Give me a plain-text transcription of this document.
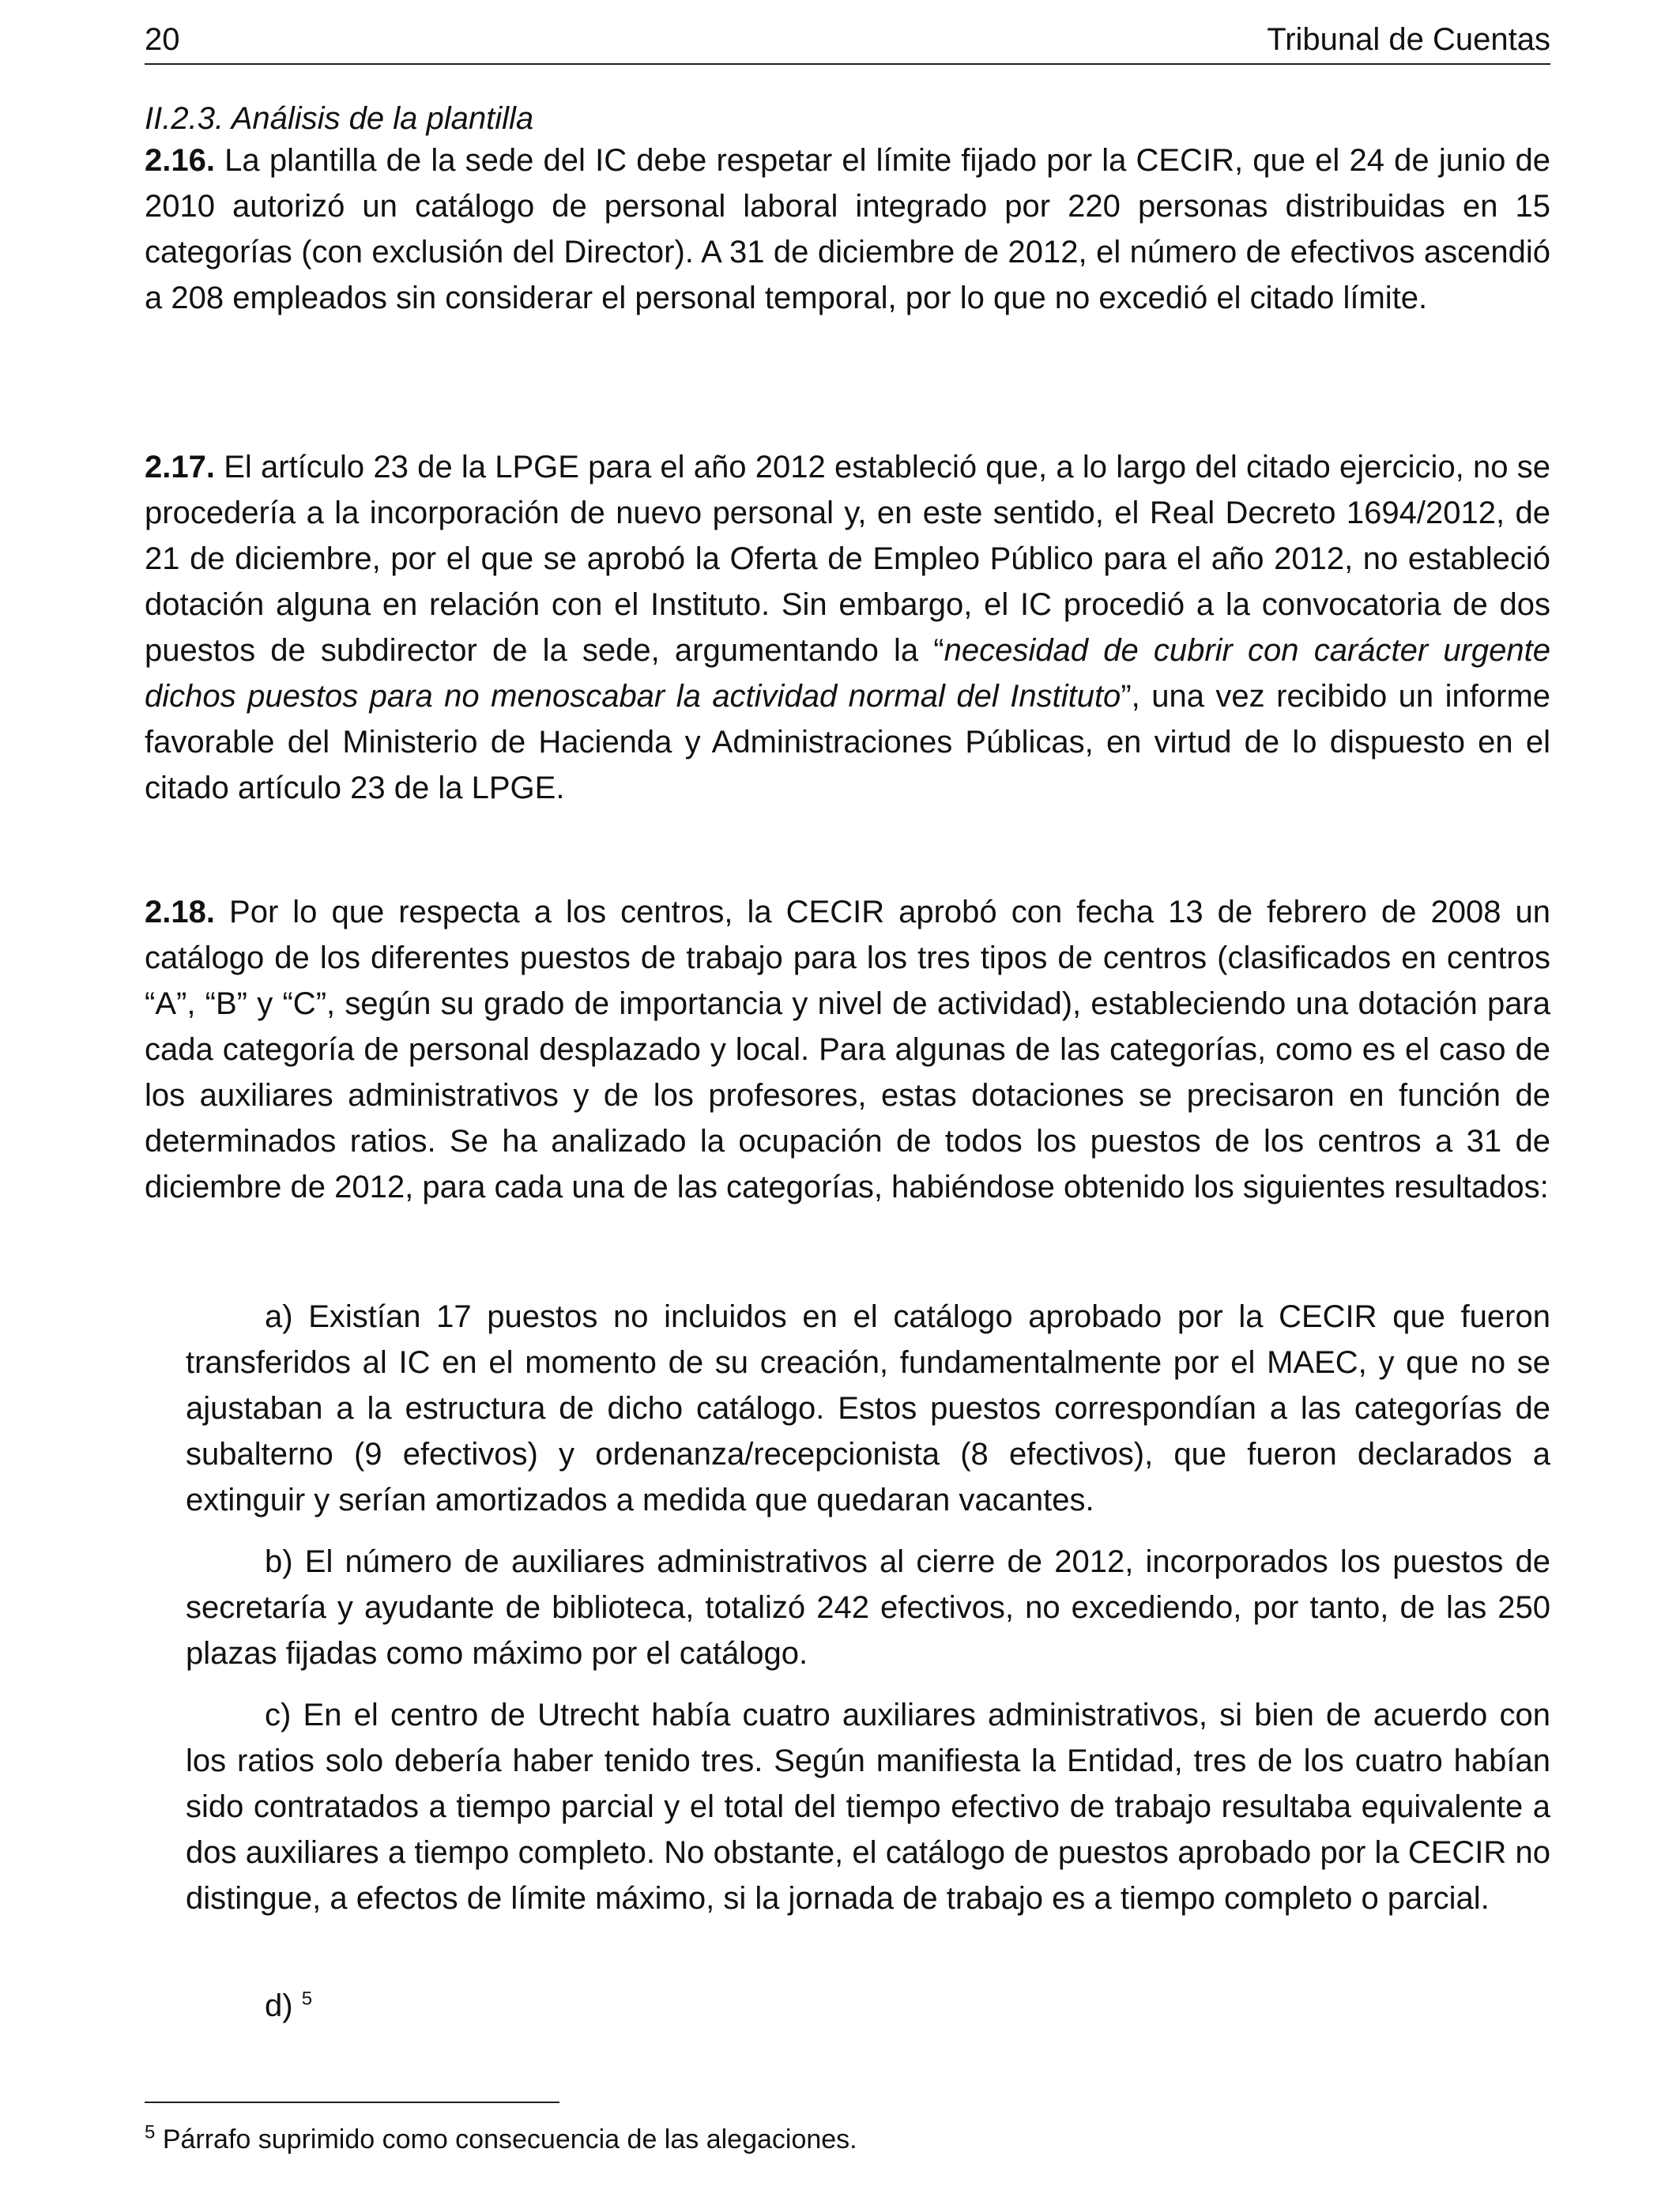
20	Tribunal de Cuentas
II.2.3. Análisis de la plantilla

2.16. La plantilla de la sede del IC debe respetar el límite fijado por la CECIR, que el 24 de junio de 2010 autorizó un catálogo de personal laboral integrado por 220 personas distribuidas en 15 categorías (con exclusión del Director). A 31 de diciembre de 2012, el número de efectivos ascendió a 208 empleados sin considerar el personal temporal, por lo que no excedió el citado límite.

2.17. El artículo 23 de la LPGE para el año 2012 estableció que, a lo largo del citado ejercicio, no se procedería a la incorporación de nuevo personal y, en este sentido, el Real Decreto 1694/2012, de 21 de diciembre, por el que se aprobó la Oferta de Empleo Público para el año 2012, no estableció dotación alguna en relación con el Instituto. Sin embargo, el IC procedió a la convocatoria de dos puestos de subdirector de la sede, argumentando la “necesidad de cubrir con carácter urgente dichos puestos para no menoscabar la actividad normal del Instituto”, una vez recibido un informe favorable del Ministerio de Hacienda y Administraciones Públicas, en virtud de lo dispuesto en el citado artículo 23 de la LPGE.

2.18. Por lo que respecta a los centros, la CECIR aprobó con fecha 13 de febrero de 2008 un catálogo de los diferentes puestos de trabajo para los tres tipos de centros (clasificados en centros “A”, “B” y “C”, según su grado de importancia y nivel de actividad), estableciendo una dotación para cada categoría de personal desplazado y local. Para algunas de las categorías, como es el caso de los auxiliares administrativos y de los profesores, estas dotaciones se precisaron en función de determinados ratios. Se ha analizado la ocupación de todos los puestos de los centros a 31 de diciembre de 2012, para cada una de las categorías, habiéndose obtenido los siguientes resultados:

a) Existían 17 puestos no incluidos en el catálogo aprobado por la CECIR que fueron transferidos al IC en el momento de su creación, fundamentalmente por el MAEC, y que no se ajustaban a la estructura de dicho catálogo. Estos puestos correspondían a las categorías de subalterno (9 efectivos) y ordenanza/recepcionista (8 efectivos), que fueron declarados a extinguir y serían amortizados a medida que quedaran vacantes.

b) El número de auxiliares administrativos al cierre de 2012, incorporados los puestos de secretaría y ayudante de biblioteca, totalizó 242 efectivos, no excediendo, por tanto, de las 250 plazas fijadas como máximo por el catálogo.

c) En el centro de Utrecht había cuatro auxiliares administrativos, si bien de acuerdo con los ratios solo debería haber tenido tres. Según manifiesta la Entidad, tres de los cuatro habían sido contratados a tiempo parcial y el total del tiempo efectivo de trabajo resultaba equivalente a dos auxiliares a tiempo completo. No obstante, el catálogo de puestos aprobado por la CECIR no distingue, a efectos de límite máximo, si la jornada de trabajo es a tiempo completo o parcial.

d) $^5$

$^5$ Párrafo suprimido como consecuencia de las alegaciones.
